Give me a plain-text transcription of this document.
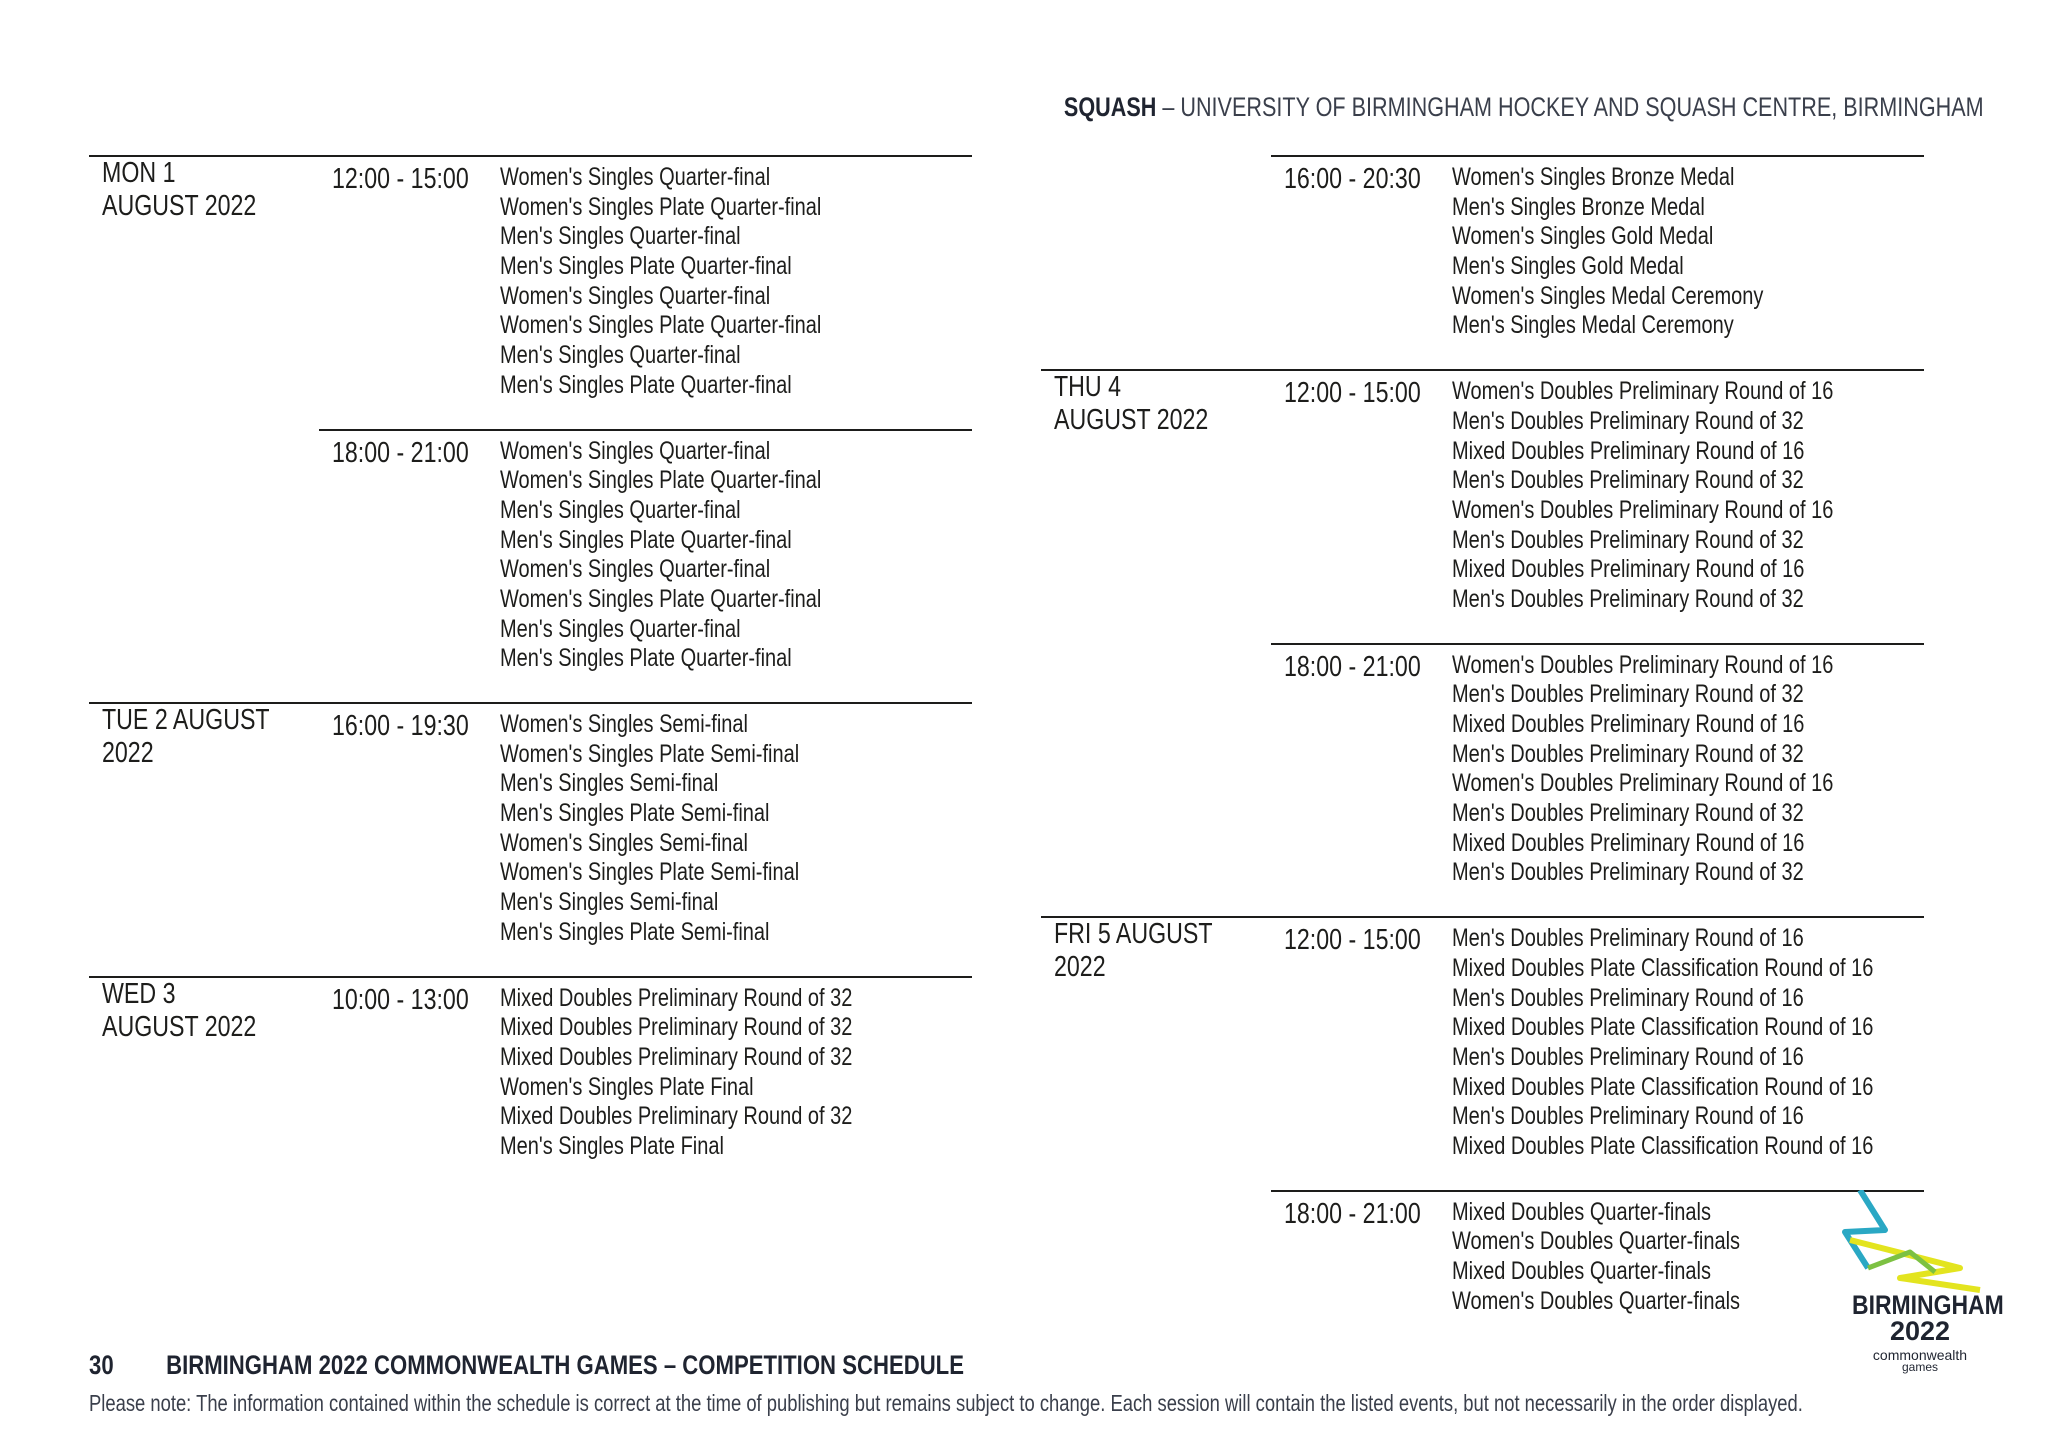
SQUASH – UNIVERSITY OF BIRMINGHAM HOCKEY AND SQUASH CENTRE, BIRMINGHAM
MON 1 AUGUST 2022
12:00 - 15:00 Women's Singles Quarter-final
Women's Singles Plate Quarter-final
Men's Singles Quarter-final
Men's Singles Plate Quarter-final
Women's Singles Quarter-final
Women's Singles Plate Quarter-final
Men's Singles Quarter-final
Men's Singles Plate Quarter-final
18:00 - 21:00 Women's Singles Quarter-final
Women's Singles Plate Quarter-final
Men's Singles Quarter-final
Men's Singles Plate Quarter-final
Women's Singles Quarter-final
Women's Singles Plate Quarter-final
Men's Singles Quarter-final
Men's Singles Plate Quarter-final
TUE 2 AUGUST 2022
16:00 - 19:30 Women's Singles Semi-final
Women's Singles Plate Semi-final
Men's Singles Semi-final
Men's Singles Plate Semi-final
Women's Singles Semi-final
Women's Singles Plate Semi-final
Men's Singles Semi-final
Men's Singles Plate Semi-final
WED 3 AUGUST 2022
10:00 - 13:00 Mixed Doubles Preliminary Round of 32
Mixed Doubles Preliminary Round of 32
Mixed Doubles Preliminary Round of 32
Women's Singles Plate Final
Mixed Doubles Preliminary Round of 32
Men's Singles Plate Final
16:00 - 20:30 Women's Singles Bronze Medal
Men's Singles Bronze Medal
Women's Singles Gold Medal
Men's Singles Gold Medal
Women's Singles Medal Ceremony
Men's Singles Medal Ceremony
THU 4 AUGUST 2022
12:00 - 15:00 Women's Doubles Preliminary Round of 16
Men's Doubles Preliminary Round of 32
Mixed Doubles Preliminary Round of 16
Men's Doubles Preliminary Round of 32
Women's Doubles Preliminary Round of 16
Men's Doubles Preliminary Round of 32
Mixed Doubles Preliminary Round of 16
Men's Doubles Preliminary Round of 32
18:00 - 21:00 Women's Doubles Preliminary Round of 16
Men's Doubles Preliminary Round of 32
Mixed Doubles Preliminary Round of 16
Men's Doubles Preliminary Round of 32
Women's Doubles Preliminary Round of 16
Men's Doubles Preliminary Round of 32
Mixed Doubles Preliminary Round of 16
Men's Doubles Preliminary Round of 32
FRI 5 AUGUST 2022
12:00 - 15:00 Men's Doubles Preliminary Round of 16
Mixed Doubles Plate Classification Round of 16
Men's Doubles Preliminary Round of 16
Mixed Doubles Plate Classification Round of 16
Men's Doubles Preliminary Round of 16
Mixed Doubles Plate Classification Round of 16
Men's Doubles Preliminary Round of 16
Mixed Doubles Plate Classification Round of 16
18:00 - 21:00 Mixed Doubles Quarter-finals
Women's Doubles Quarter-finals
Mixed Doubles Quarter-finals
Women's Doubles Quarter-finals	BIRMINGHAM
2022
commonwealth
games
30 BIRMINGHAM 2022 COMMONWEALTH GAMES – COMPETITION SCHEDULE
Please note: The information contained within the schedule is correct at the time of publishing but remains subject to change. Each session will contain the listed events, but not necessarily in the order displayed.
